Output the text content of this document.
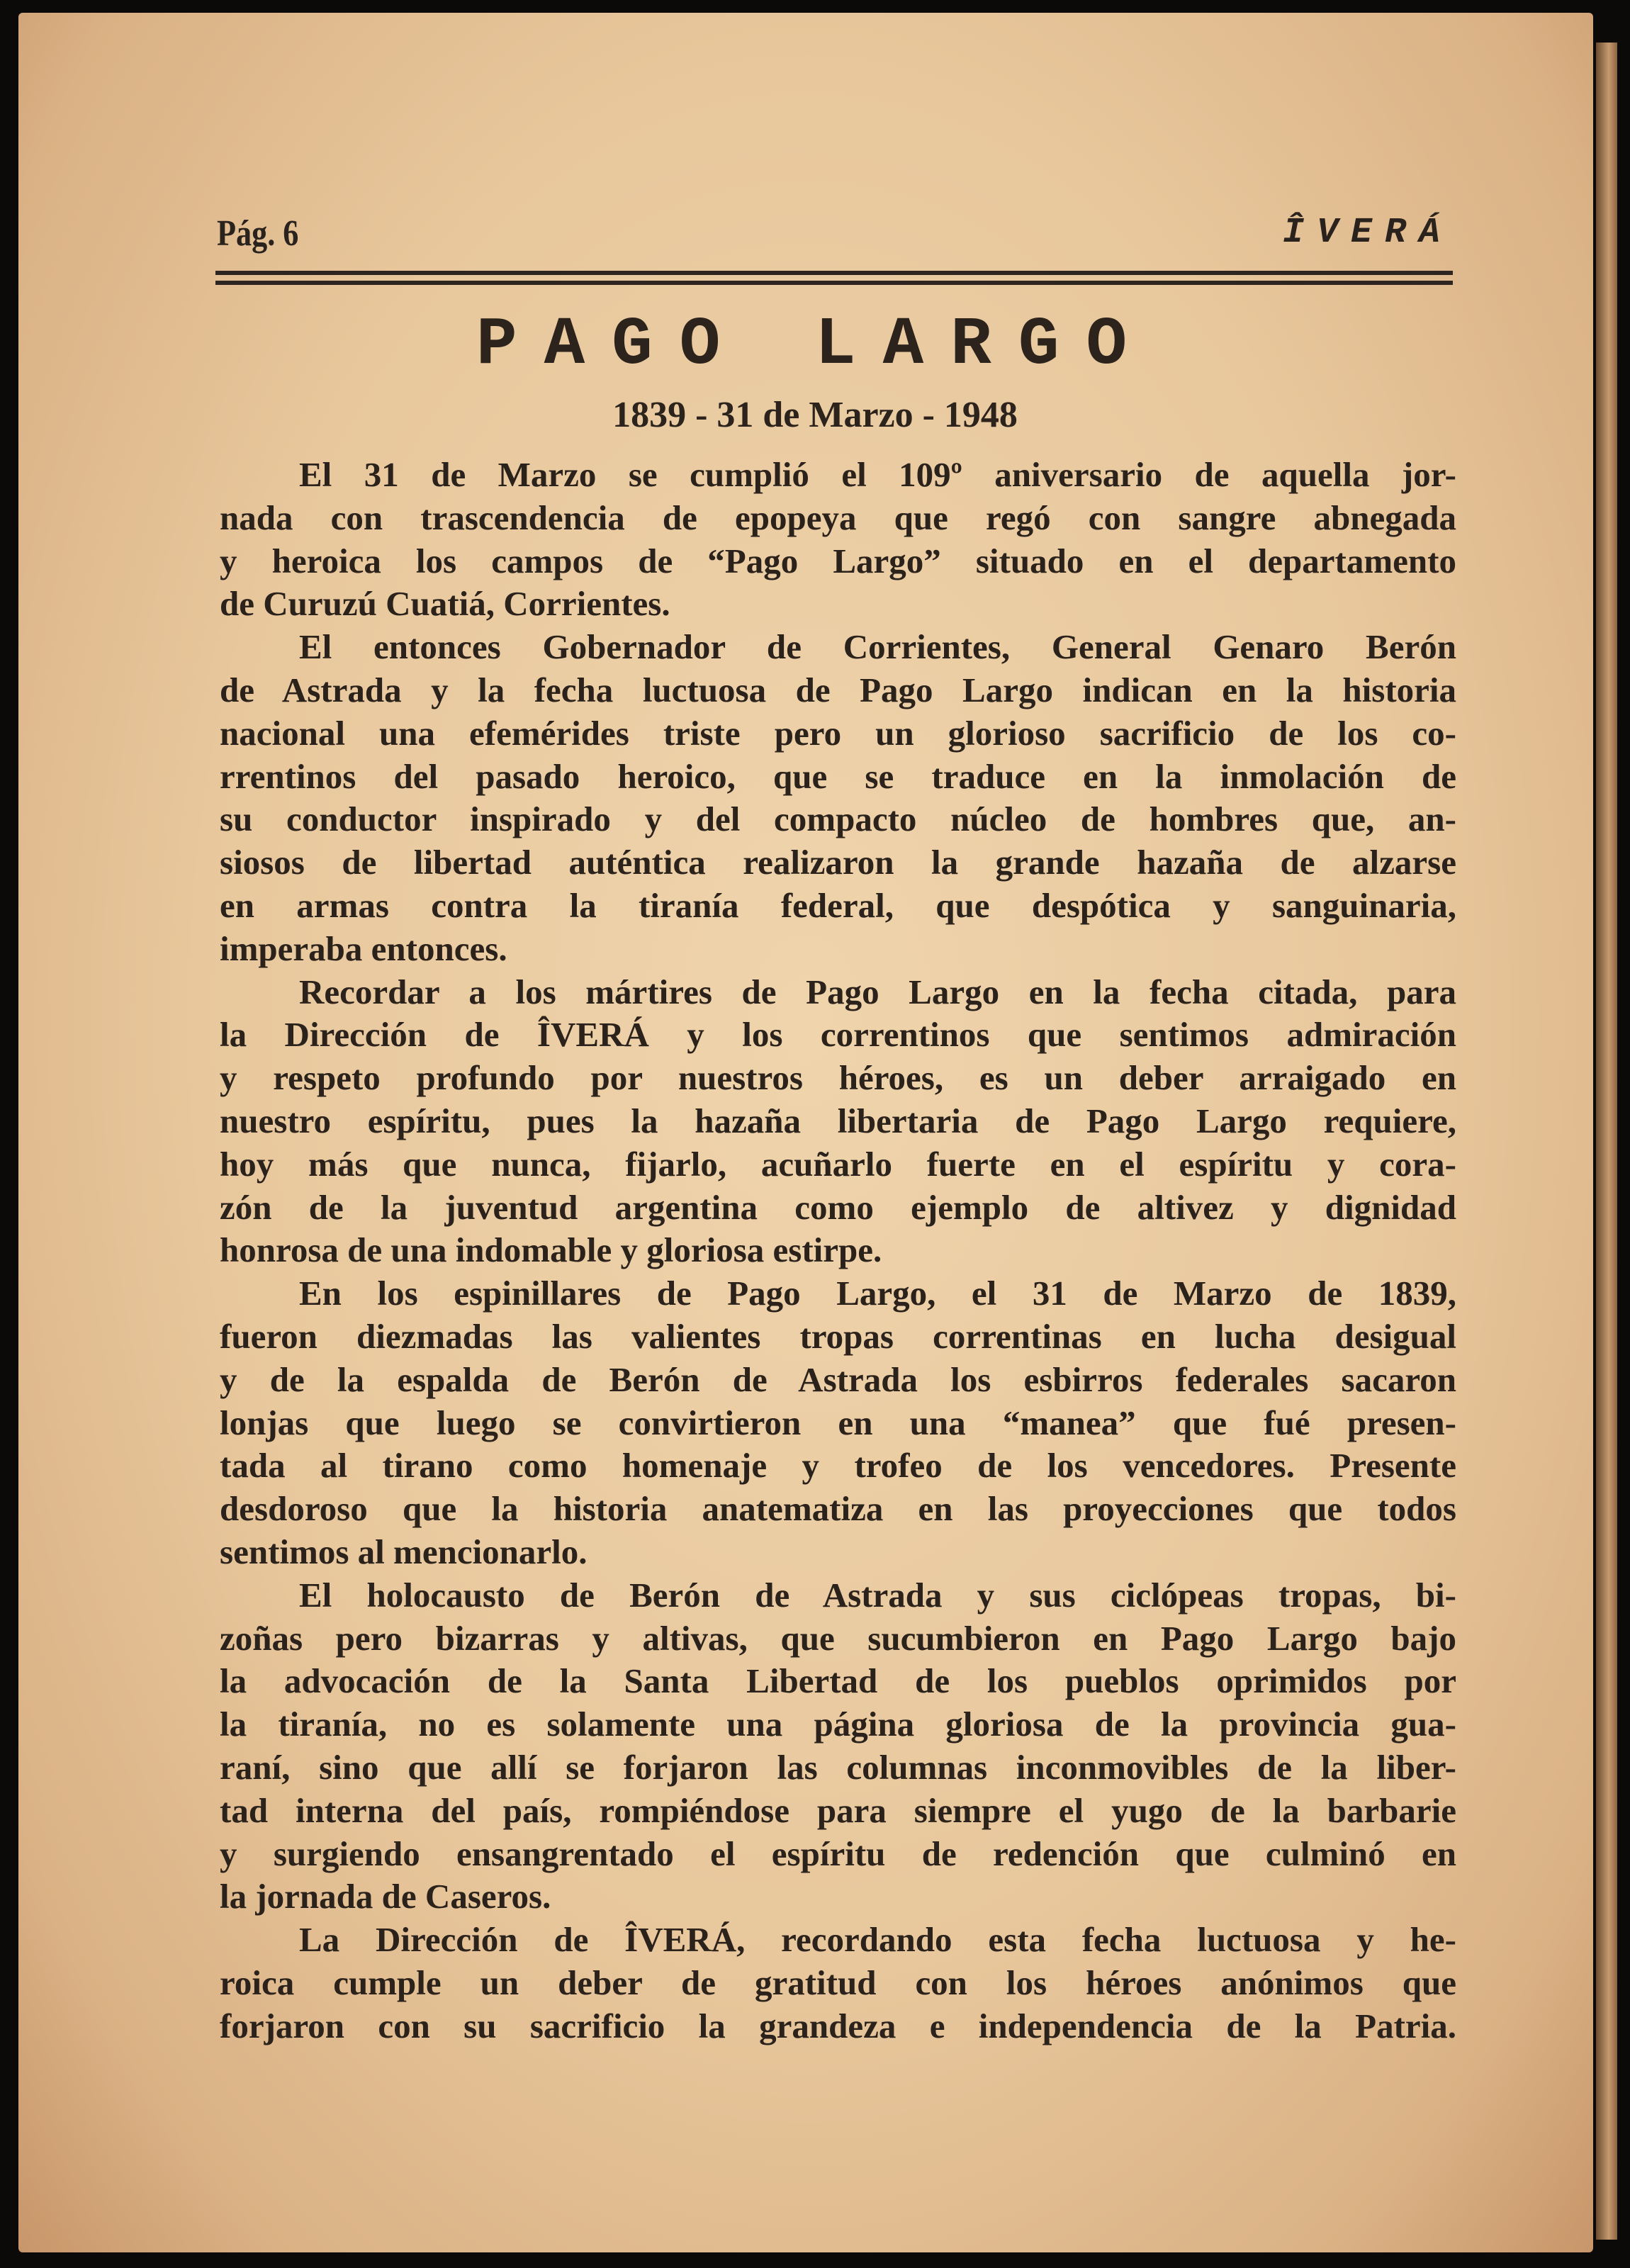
Pág. 6	ÎVERÁ
PAGO LARGO
1839 - 31 de Marzo - 1948
El 31 de Marzo se cumplió el 109º aniversario de aquella jor-
nada con trascendencia de epopeya que regó con sangre abnegada
y heroica los campos de “Pago Largo” situado en el departamento
de Curuzú Cuatiá, Corrientes.
El entonces Gobernador de Corrientes, General Genaro Berón
de Astrada y la fecha luctuosa de Pago Largo indican en la historia
nacional una efemérides triste pero un glorioso sacrificio de los co-
rrentinos del pasado heroico, que se traduce en la inmolación de
su conductor inspirado y del compacto núcleo de hombres que, an-
siosos de libertad auténtica realizaron la grande hazaña de alzarse
en armas contra la tiranía federal, que despótica y sanguinaria,
imperaba entonces.
Recordar a los mártires de Pago Largo en la fecha citada, para
la Dirección de ÎVERÁ y los correntinos que sentimos admiración
y respeto profundo por nuestros héroes, es un deber arraigado en
nuestro espíritu, pues la hazaña libertaria de Pago Largo requiere,
hoy más que nunca, fijarlo, acuñarlo fuerte en el espíritu y cora-
zón de la juventud argentina como ejemplo de altivez y dignidad
honrosa de una indomable y gloriosa estirpe.
En los espinillares de Pago Largo, el 31 de Marzo de 1839,
fueron diezmadas las valientes tropas correntinas en lucha desigual
y de la espalda de Berón de Astrada los esbirros federales sacaron
lonjas que luego se convirtieron en una “manea” que fué presen-
tada al tirano como homenaje y trofeo de los vencedores. Presente
desdoroso que la historia anatematiza en las proyecciones que todos
sentimos al mencionarlo.
El holocausto de Berón de Astrada y sus ciclópeas tropas, bi-
zoñas pero bizarras y altivas, que sucumbieron en Pago Largo bajo
la advocación de la Santa Libertad de los pueblos oprimidos por
la tiranía, no es solamente una página gloriosa de la provincia gua-
raní, sino que allí se forjaron las columnas inconmovibles de la liber-
tad interna del país, rompiéndose para siempre el yugo de la barbarie
y surgiendo ensangrentado el espíritu de redención que culminó en
la jornada de Caseros.
La Dirección de ÎVERÁ, recordando esta fecha luctuosa y he-
roica cumple un deber de gratitud con los héroes anónimos que
forjaron con su sacrificio la grandeza e independencia de la Patria.
